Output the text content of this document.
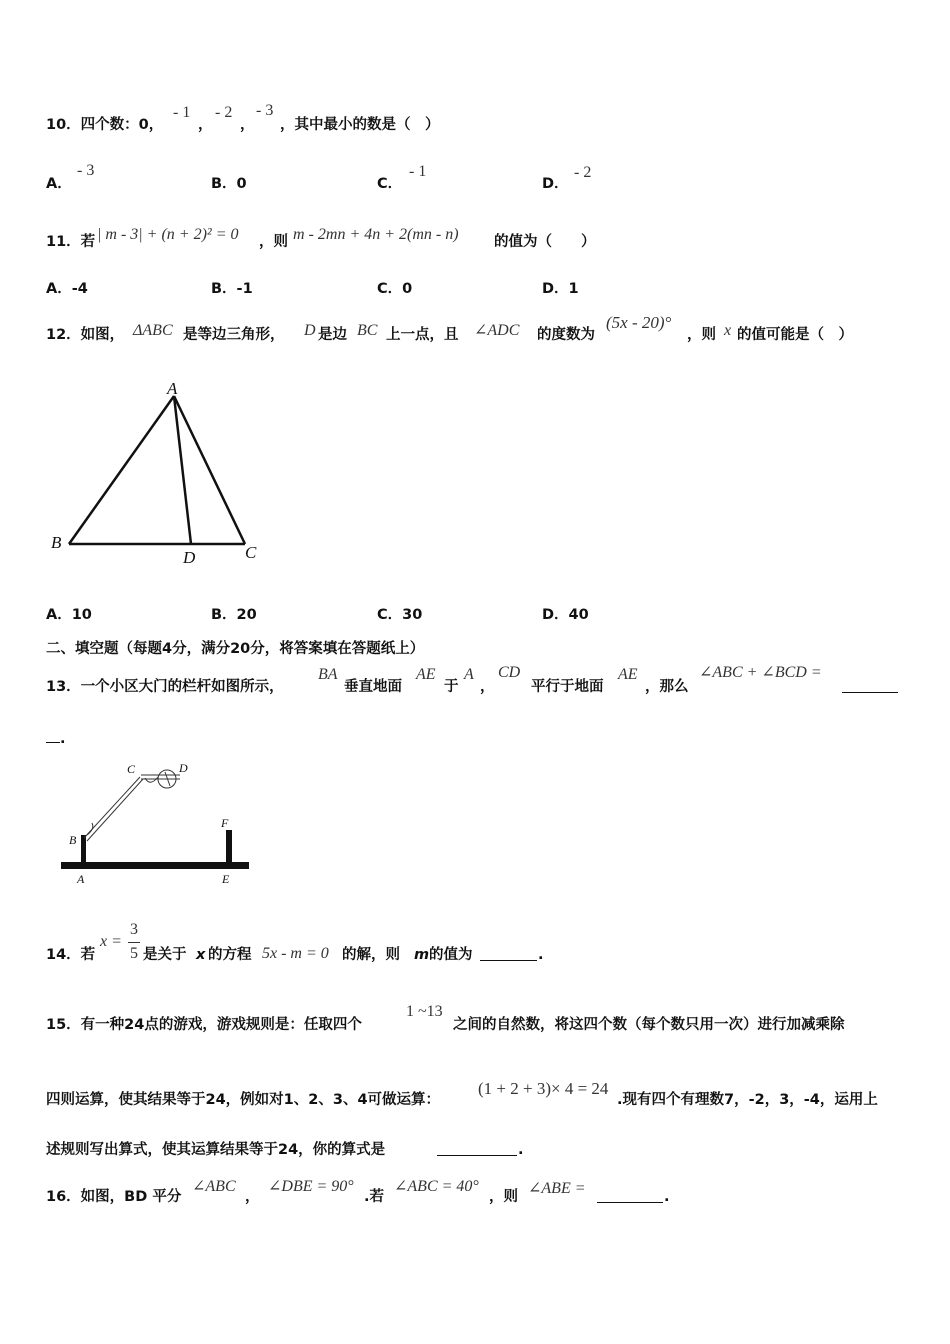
10．四个数：0，
- 1
，
- 2
，
- 3
，其中最小的数是（　）
A．
- 3
B．0	C．
- 1
D．
- 2
11．若 | m - 3| + (n + 2)² = 0 ，则 m - 2mn + 4n + 2(mn - n) 的值为（　　）
A．-4	B．-1	C．0	D．1
12．如图， ΔABC 是等边三角形， D 是边 BC 上一点，且 ∠ADC 的度数为
(5x - 20)°
，则 x 的值可能是（　）
A
B
C
D
A．10	B．20	C．30	D．40
二、填空题（每题4分，满分20分，将答案填在答题纸上）
13．一个小区大门的栏杆如图所示，
BA
垂直地面
AE
于
A
，
CD
平行于地面
AE
，那么
∠ABC + ∠BCD =
.
B
A
C	D
F
E
14．若
x =
3
5 是关于 x 的方程 5x - m = 0 的解，则 m 的值为	.
15．有一种24点的游戏，游戏规则是：任取四个
1 ~13
之间的自然数，将这四个数（每个数只用一次）进行加减乘除
四则运算，使其结果等于24，例如对1、2、3、4可做运算：
(1 + 2 + 3)× 4 = 24
.现有四个有理数7，-2，3，-4，运用上
述规则写出算式，使其运算结果等于24，你的算式是	.
16．如图，BD 平分
∠ABC
，
∠DBE = 90°
.若
∠ABC = 40°
，则 ∠ABE =	.
